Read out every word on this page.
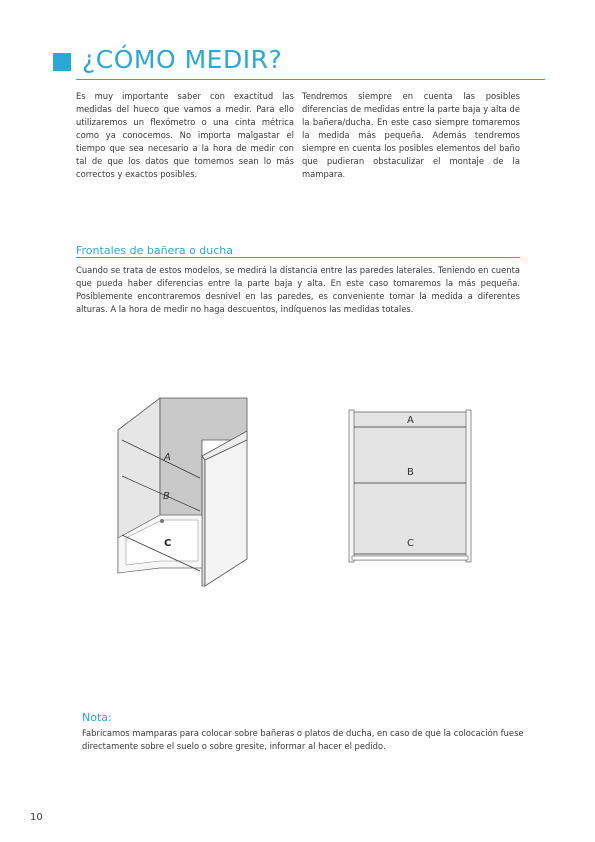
¿CÓMO MEDIR?

Es muy importante saber con exactitud las medidas del hueco que vamos a medir. Para ello utilizaremos un flexómetro o una cinta métrica como ya conocemos. No importa malgastar el tiempo que sea necesario a la hora de medir con tal de que los datos que tomemos sean lo más correctos y exactos posibles.

Tendremos siempre en cuenta las posibles diferencias de medidas entre la parte baja y alta de la bañera/ducha. En este caso siempre tomaremos la medida más pequeña. Además tendremos siempre en cuenta los posibles elementos del baño que pudieran obstaculizar el montaje de la mampara.

Frontales de bañera o ducha

Cuando se trata de estos modelos, se medirá la distancia entre las paredes laterales. Teniendo en cuenta que pueda haber diferencias entre la parte baja y alta. En este caso tomaremos la más pequeña. Posiblemente encontraremos desnivel en las paredes, es conveniente tomar la medida a diferentes alturas. A la hora de medir no haga descuentos, indíquenos las medidas totales.

A
B
C
A
B
C
Nota:

Fabricamos mamparas para colocar sobre bañeras o platos de ducha, en caso de que la colocación fuese directamente sobre el suelo o sobre gresite, informar al hacer el pedido.

10
